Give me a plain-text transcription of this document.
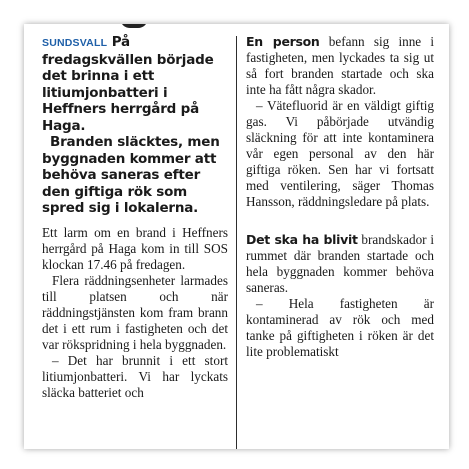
SUNDSVALL På fredagskvällen började det brinna i ett litiumjonbatteri i Heffners herrgård på Haga.

Branden släcktes, men byggnaden kommer att behöva saneras efter den giftiga rök som spred sig i lokalerna.

Ett larm om en brand i Heffners herrgård på Haga kom in till SOS klockan 17.46 på fredagen.

Flera räddningsenheter larmades till platsen och när räddningstjänsten kom fram brann det i ett rum i fastigheten och det var rökspridning i hela byggnaden.

– Det har brunnit i ett stort litiumjonbatteri. Vi har lyckats släcka batteriet och

En person befann sig inne i fastigheten, men lyckades ta sig ut så fort branden startade och ska inte ha fått några skador.

– Vätefluorid är en väldigt giftig gas. Vi påbörjade utvändig släckning för att inte kontaminera vår egen personal av den här giftiga röken. Sen har vi fortsatt med ventilering, säger Thomas Hansson, räddningsledare på plats.

Det ska ha blivit brandskador i rummet där branden startade och hela byggnaden kommer behöva saneras.

– Hela fastigheten är kontaminerad av rök och med tanke på giftigheten i röken är det lite problematiskt
